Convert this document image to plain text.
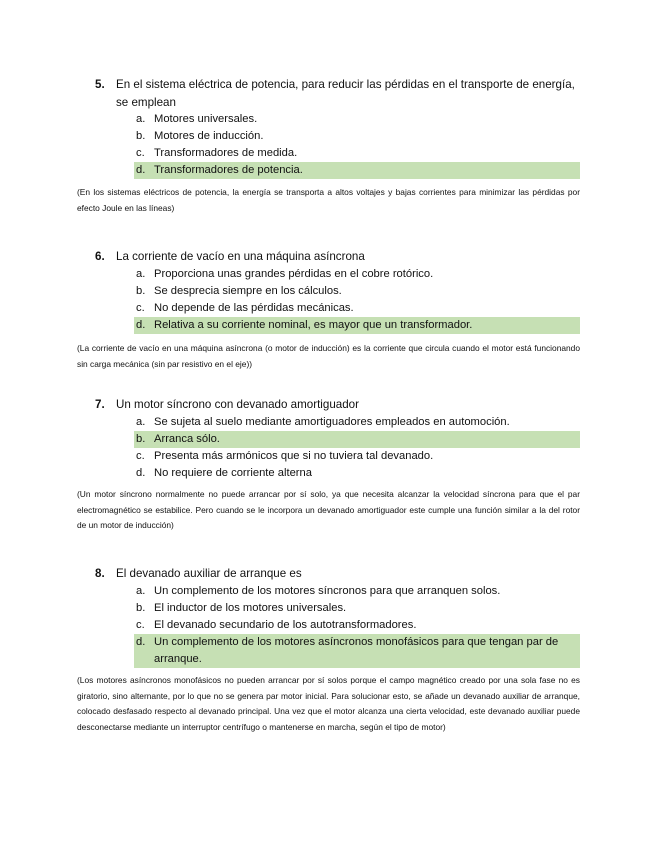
5. En el sistema eléctrica de potencia, para reducir las pérdidas en el transporte de energía, se emplean
a. Motores universales.
b. Motores de inducción.
c. Transformadores de medida.
d. Transformadores de potencia.

(En los sistemas eléctricos de potencia, la energía se transporta a altos voltajes y bajas corrientes para minimizar las pérdidas por efecto Joule en las líneas)

6. La corriente de vacío en una máquina asíncrona
a. Proporciona unas grandes pérdidas en el cobre rotórico.
b. Se desprecia siempre en los cálculos.
c. No depende de las pérdidas mecánicas.
d. Relativa a su corriente nominal, es mayor que un transformador.

(La corriente de vacío en una máquina asíncrona (o motor de inducción) es la corriente que circula cuando el motor está funcionando sin carga mecánica (sin par resistivo en el eje))

7. Un motor síncrono con devanado amortiguador
a. Se sujeta al suelo mediante amortiguadores empleados en automoción.
b. Arranca sólo.
c. Presenta más armónicos que si no tuviera tal devanado.
d. No requiere de corriente alterna

(Un motor síncrono normalmente no puede arrancar por sí solo, ya que necesita alcanzar la velocidad síncrona para que el par electromagnético se estabilice. Pero cuando se le incorpora un devanado amortiguador este cumple una función similar a la del rotor de un motor de inducción)

8. El devanado auxiliar de arranque es
a. Un complemento de los motores síncronos para que arranquen solos.
b. El inductor de los motores universales.
c. El devanado secundario de los autotransformadores.
d. Un complemento de los motores asíncronos monofásicos para que tengan par de arranque.

(Los motores asíncronos monofásicos no pueden arrancar por sí solos porque el campo magnético creado por una sola fase no es giratorio, sino alternante, por lo que no se genera par motor inicial. Para solucionar esto, se añade un devanado auxiliar de arranque, colocado desfasado respecto al devanado principal. Una vez que el motor alcanza una cierta velocidad, este devanado auxiliar puede desconectarse mediante un interruptor centrífugo o mantenerse en marcha, según el tipo de motor)
